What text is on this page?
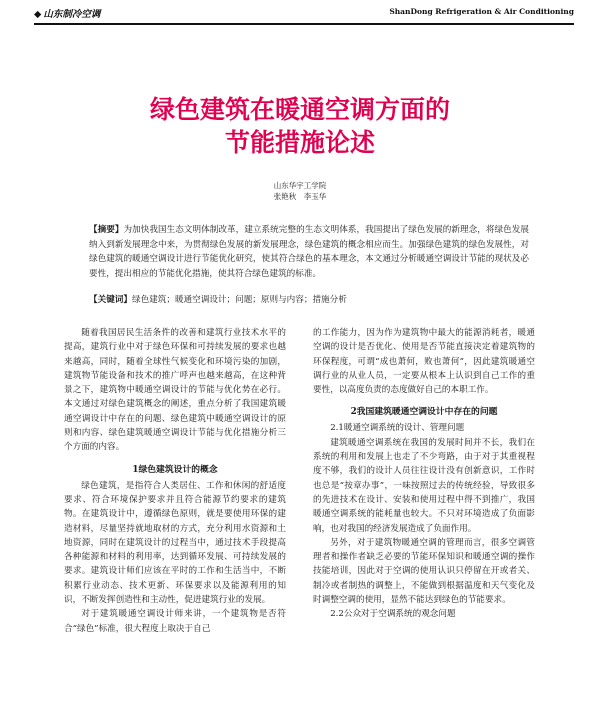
◆ 山东制冷空调	ShanDong Refrigeration & Air Conditioning
绿色建筑在暖通空调方面的
节能措施论述
山东华宇工学院
张艳秋　李玉华
【摘要】为加快我国生态文明体制改革，建立系统完整的生态文明体系，我国提出了绿色发展的新理念，将绿色发展纳入到新发展理念中来，为贯彻绿色发展的新发展理念，绿色建筑的概念相应而生。加强绿色建筑的绿色发展性，对绿色建筑的暖通空调设计进行节能优化研究，使其符合绿色的基本理念，本文通过分析暖通空调设计节能的现状及必要性，提出相应的节能优化措施，使其符合绿色建筑的标准。
【关键词】绿色建筑；暖通空调设计；问题；原则与内容；措施分析

随着我国居民生活条件的改善和建筑行业技术水平的提高，建筑行业中对于绿色环保和可持续发展的要求也越来越高，同时，随着全球性气候变化和环境污染的加剧，建筑物节能设备和技术的推广呼声也越来越高，在这种背景之下，建筑物中暖通空调设计的节能与优化势在必行。本文通过对绿色建筑概念的阐述，重点分析了我国建筑暖通空调设计中存在的问题、绿色建筑中暖通空调设计的原则和内容、绿色建筑暖通空调设计节能与优化措施分析三个方面的内容。

1绿色建筑设计的概念

绿色建筑，是指符合人类居住、工作和休闲的舒适度要求、符合环境保护要求并且符合能源节约要求的建筑物。在建筑设计中，遵循绿色原则，就是要使用环保的建造材料，尽量坚持就地取材的方式，充分利用水资源和土地资源，同时在建筑设计的过程当中，通过技术手段提高各种能源和材料的利用率，达到循环发展、可持续发展的要求。建筑设计师们应该在平时的工作和生活当中，不断积累行业动态、技术更新、环保要求以及能源利用的知识，不断发挥创造性和主动性，促进建筑行业的发展。

对于建筑暖通空调设计师来讲，一个建筑物是否符合“绿色”标准，很大程度上取决于自己

的工作能力，因为作为建筑物中最大的能源消耗者，暖通空调的设计是否优化、使用是否节能直接决定着建筑物的环保程度，可谓“成也萧何，败也萧何”，因此建筑暖通空调行业的从业人员，一定要从根本上认识到自己工作的重要性，以高度负责的态度做好自己的本职工作。

2我国建筑暖通空调设计中存在的问题
2.1暖通空调系统的设计、管理问题

建筑暖通空调系统在我国的发展时间并不长，我们在系统的利用和发展上也走了不少弯路，由于对于其重视程度不够，我们的设计人员往往设计没有创新意识，工作时也总是“按章办事”，一味按照过去的传统经验，导致很多的先进技术在设计、安装和使用过程中得不到推广，我国暖通空调系统的能耗量也较大。不只对环境造成了负面影响，也对我国的经济发展造成了负面作用。

另外，对于建筑物暖通空调的管理而言，很多空调管理者和操作者缺乏必要的节能环保知识和暖通空调的操作技能培训，因此对于空调的使用认识只停留在开或者关、制冷或者制热的调整上，不能做到根据温度和天气变化及时调整空调的使用，显然不能达到绿色的节能要求。

2.2公众对于空调系统的观念问题
